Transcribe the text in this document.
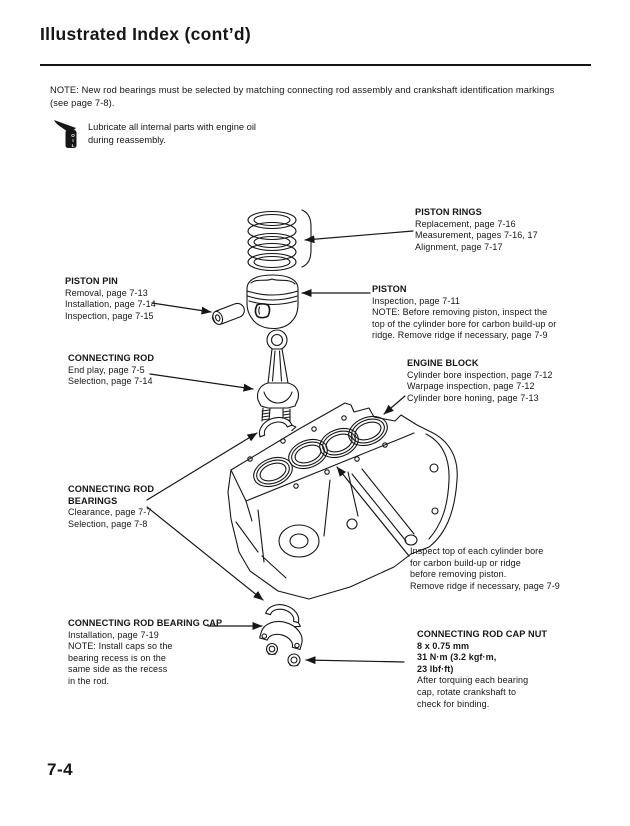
Illustrated Index (cont’d)
NOTE: New rod bearings must be selected by matching connecting rod assembly and crankshaft identification markings
(see page 7-8).
Lubricate all internal parts with engine oil
during reassembly.
OIL
PISTON RINGS
Replacement, page 7-16
Measurement, pages 7-16, 17
Alignment, page 7-17
PISTON PIN
Removal, page 7-13
Installation, page 7-14
Inspection, page 7-15
PISTON
Inspection, page 7-11
NOTE: Before removing piston, inspect the
top of the cylinder bore for carbon build-up or
ridge. Remove ridge if necessary, page 7-9
CONNECTING ROD
End play, page 7-5
Selection, page 7-14
ENGINE BLOCK
Cylinder bore inspection, page 7-12
Warpage inspection, page 7-12
Cylinder bore honing, page 7-13
CONNECTING ROD
BEARINGS
Clearance, page 7-7
Selection, page 7-8
Inspect top of each cylinder bore
for carbon build-up or ridge
before removing piston.
Remove ridge if necessary, page 7-9
CONNECTING ROD BEARING CAP
Installation, page 7-19
NOTE: Install caps so the
bearing recess is on the
same side as the recess
in the rod.
CONNECTING ROD CAP NUT
8 x 0.75 mm
31 N·m (3.2 kgf·m,
23 lbf·ft)
After torquing each bearing
cap, rotate crankshaft to
check for binding.
7-4
